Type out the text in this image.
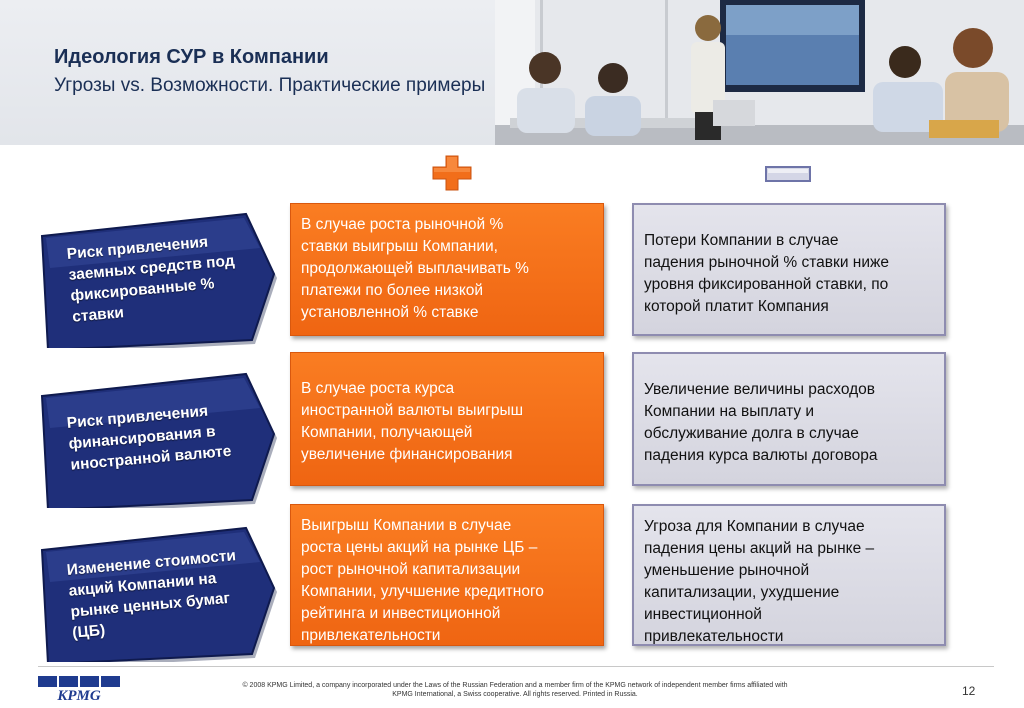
Идеология СУР в Компании
Угрозы vs. Возможности. Практические примеры
Риск привлечения
заемных средств под
фиксированные %
ставки
Риск привлечения
финансирования в
иностранной валюте
Изменение стоимости
акций Компании на
рынке ценных бумаг
(ЦБ)
В случае роста рыночной %
ставки выигрыш Компании,
продолжающей выплачивать %
платежи по более низкой
установленной % ставке
Потери Компании в случае
падения рыночной % ставки ниже
уровня фиксированной ставки, по
которой платит Компания
В случае роста курса
иностранной валюты выигрыш
Компании, получающей
увеличение финансирования
Увеличение величины расходов
Компании на выплату и
обслуживание долга в случае
падения курса валюты договора
Выигрыш Компании в случае
роста цены акций на рынке ЦБ –
рост рыночной капитализации
Компании, улучшение кредитного
рейтинга и инвестиционной
привлекательности
Угроза для Компании в случае
падения цены акций на рынке –
уменьшение рыночной
капитализации, ухудшение
инвестиционной
привлекательности
KPMG
© 2008 KPMG Limited, a company incorporated under the Laws of the Russian Federation and a member firm of the KPMG network of independent member firms affiliated with
KPMG International, a Swiss cooperative. All rights reserved. Printed in Russia.	12
